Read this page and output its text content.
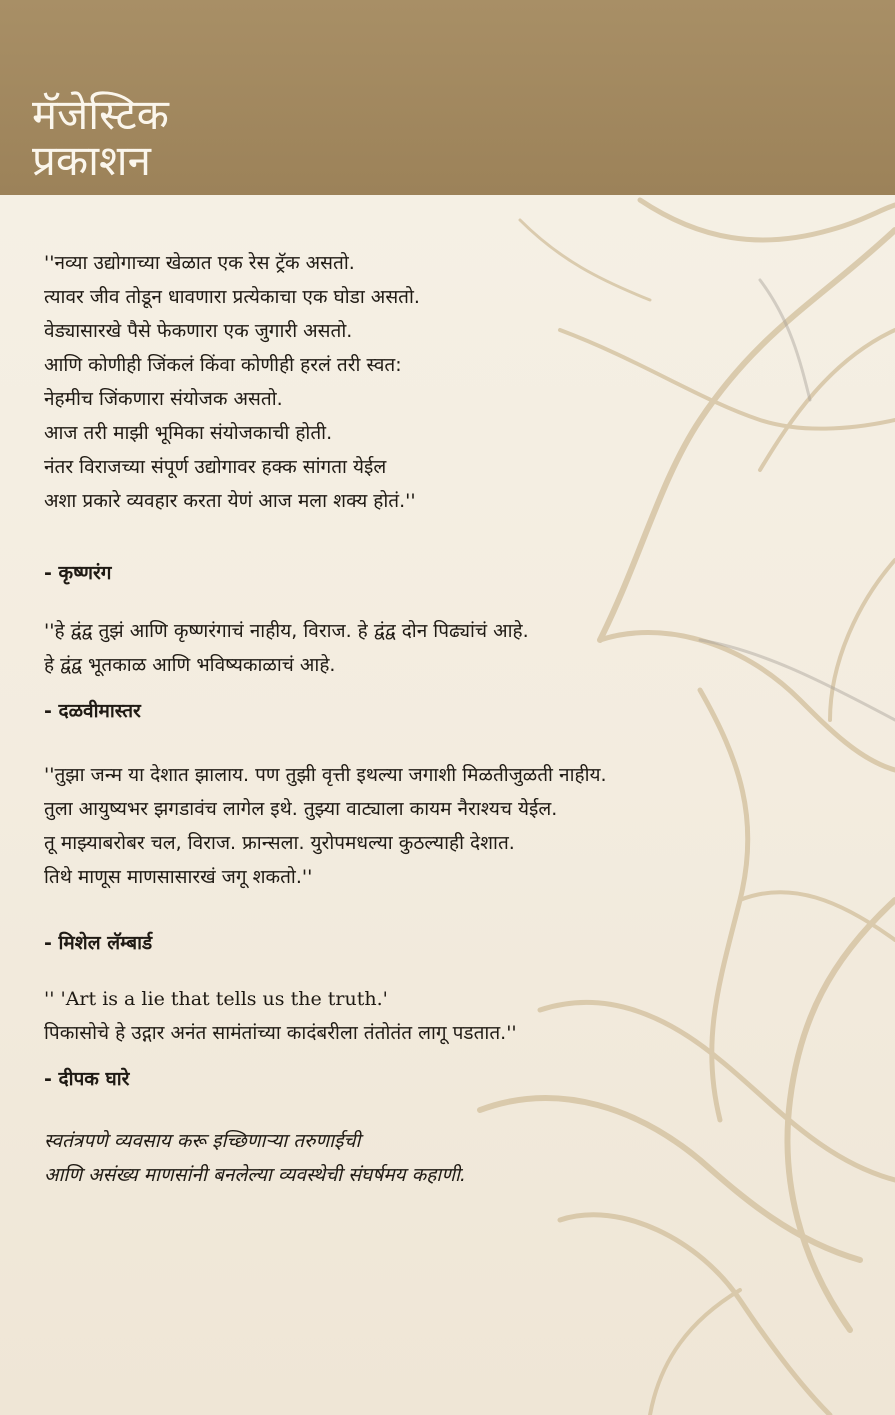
मॅजेस्टिक
प्रकाशन
''नव्या उद्योगाच्या खेळात एक रेस ट्रॅक असतो.
त्यावर जीव तोडून धावणारा प्रत्येकाचा एक घोडा असतो.
वेड्यासारखे पैसे फेकणारा एक जुगारी असतो.
आणि कोणीही जिंकलं किंवा कोणीही हरलं तरी स्वत:
नेहमीच जिंकणारा संयोजक असतो.
आज तरी माझी भूमिका संयोजकाची होती.
नंतर विराजच्या संपूर्ण उद्योगावर हक्क सांगता येईल
अशा प्रकारे व्यवहार करता येणं आज मला शक्य होतं.''
- कृष्णरंग
''हे द्वंद्व तुझं आणि कृष्णरंगाचं नाहीय, विराज. हे द्वंद्व दोन पिढ्यांचं आहे.
हे द्वंद्व भूतकाळ आणि भविष्यकाळाचं आहे.
- दळवीमास्तर
''तुझा जन्म या देशात झालाय. पण तुझी वृत्ती इथल्या जगाशी मिळतीजुळती नाहीय.
तुला आयुष्यभर झगडावंच लागेल इथे. तुझ्या वाट्याला कायम नैराश्यच येईल.
तू माझ्याबरोबर चल, विराज. फ्रान्सला. युरोपमधल्या कुठल्याही देशात.
तिथे माणूस माणसासारखं जगू शकतो.''
- मिशेल लॅम्बार्ड
'' 'Art is a lie that tells us the truth.'
पिकासोचे हे उद्गार अनंत सामंतांच्या कादंबरीला तंतोतंत लागू पडतात.''
- दीपक घारे
स्वतंत्रपणे व्यवसाय करू इच्छिणाऱ्या तरुणाईची
आणि असंख्य माणसांनी बनलेल्या व्यवस्थेची संघर्षमय कहाणी.
